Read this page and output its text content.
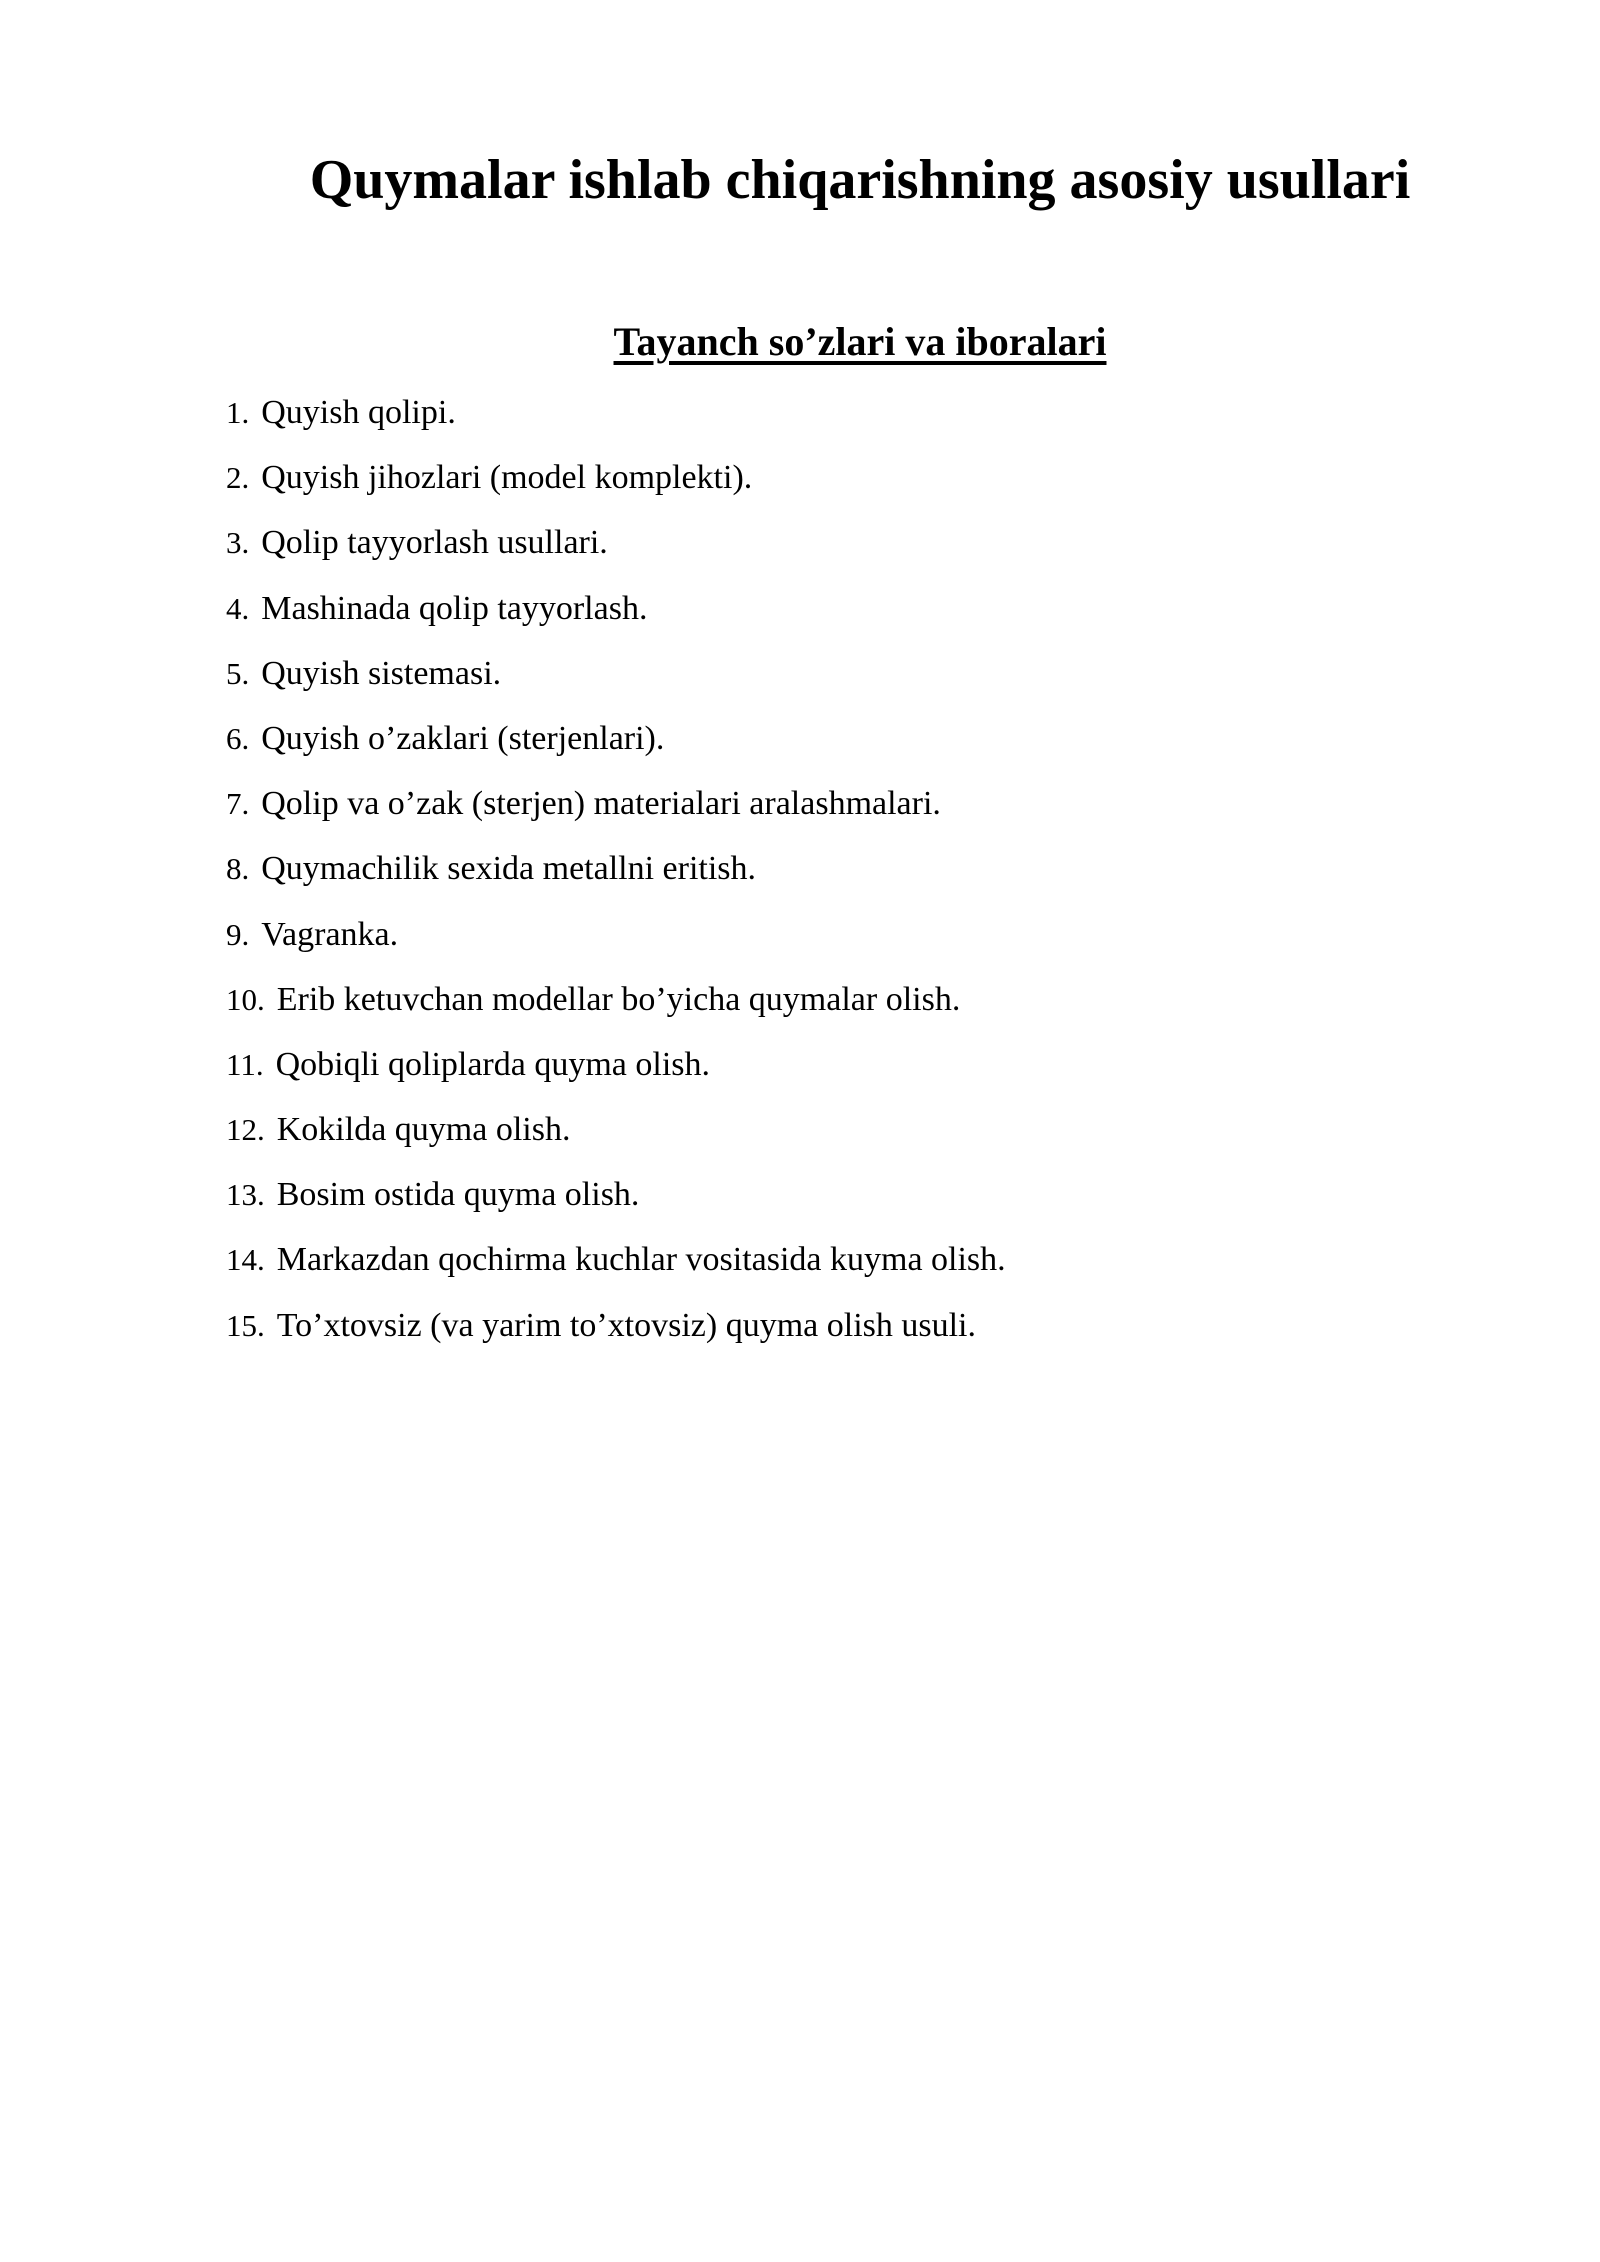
Quymalar ishlab chiqarishning asosiy usullari
Tayanch so’zlari va iboralari
1. Quyish qolipi.
2. Quyish jihozlari (model komplekti).
3. Qolip tayyorlash usullari.
4. Mashinada qolip tayyorlash.
5. Quyish sistemasi.
6. Quyish o’zaklari (sterjenlari).
7. Qolip va o’zak (sterjen) materialari aralashmalari.
8. Quymachilik sexida metallni eritish.
9. Vagranka.
10. Erib ketuvchan modellar bo’yicha quymalar olish.
11. Qobiqli qoliplarda quyma olish.
12. Kokilda quyma olish.
13. Bosim ostida quyma olish.
14. Markazdan qochirma kuchlar vositasida kuyma olish.
15. To’xtovsiz (va yarim to’xtovsiz) quyma olish usuli.
